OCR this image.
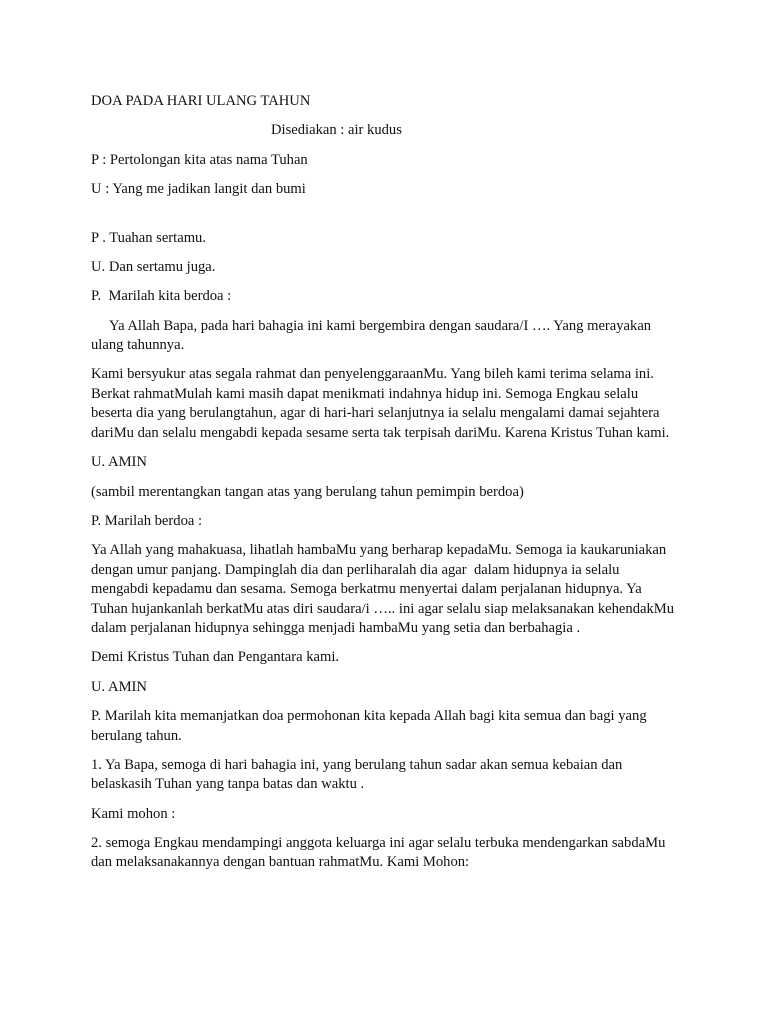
DOA PADA HARI ULANG TAHUN

Disediakan : air kudus

P : Pertolongan kita atas nama Tuhan

U : Yang me jadikan langit dan bumi

P . Tuahan sertamu.

U. Dan sertamu juga.

P.  Marilah kita berdoa :

Ya Allah Bapa, pada hari bahagia ini kami bergembira dengan saudara/I …. Yang merayakan ulang tahunnya.

Kami bersyukur atas segala rahmat dan penyelenggaraanMu. Yang bileh kami terima selama ini. Berkat rahmatMulah kami masih dapat menikmati indahnya hidup ini. Semoga Engkau selalu beserta dia yang berulangtahun, agar di hari-hari selanjutnya ia selalu mengalami damai sejahtera dariMu dan selalu mengabdi kepada sesame serta tak terpisah dariMu. Karena Kristus Tuhan kami.

U. AMIN

(sambil merentangkan tangan atas yang berulang tahun pemimpin berdoa)

P. Marilah berdoa :

Ya Allah yang mahakuasa, lihatlah hambaMu yang berharap kepadaMu. Semoga ia kaukaruniakan dengan umur panjang. Dampinglah dia dan perliharalah dia agar  dalam hidupnya ia selalu mengabdi kepadamu dan sesama. Semoga berkatmu menyertai dalam perjalanan hidupnya. Ya Tuhan hujankanlah berkatMu atas diri saudara/i ….. ini agar selalu siap melaksanakan kehendakMu dalam perjalanan hidupnya sehingga menjadi hambaMu yang setia dan berbahagia .

Demi Kristus Tuhan dan Pengantara kami.

U. AMIN

P. Marilah kita memanjatkan doa permohonan kita kepada Allah bagi kita semua dan bagi yang berulang tahun.

1. Ya Bapa, semoga di hari bahagia ini, yang berulang tahun sadar akan semua kebaian dan belaskasih Tuhan yang tanpa batas dan waktu .

Kami mohon :

2. semoga Engkau mendampingi anggota keluarga ini agar selalu terbuka mendengarkan sabdaMu dan melaksanakannya dengan bantuan rahmatMu. Kami Mohon:
